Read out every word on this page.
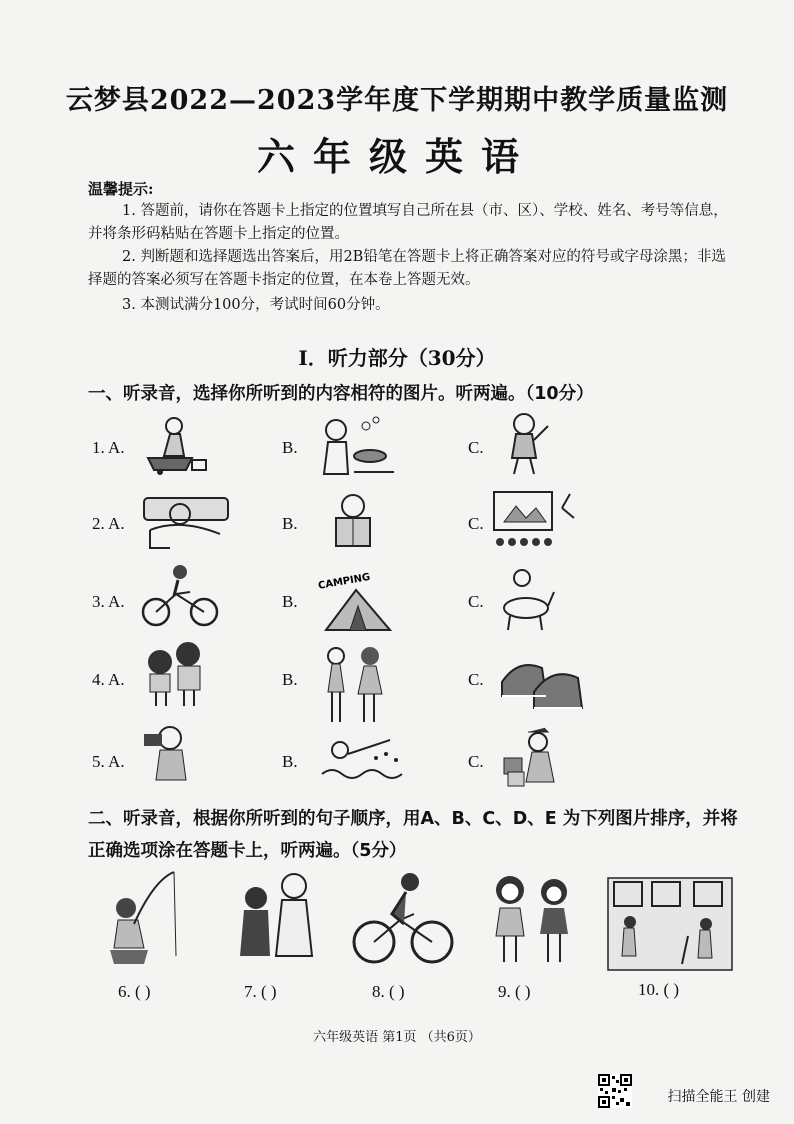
云梦县2022—2023学年度下学期期中教学质量监测
六年级英语
温馨提示:
1. 答题前，请你在答题卡上指定的位置填写自己所在县（市、区）、学校、姓名、考号等信息，并将条形码粘贴在答题卡上指定的位置。
2. 判断题和选择题选出答案后，用2B铅笔在答题卡上将正确答案对应的符号或字母涂黑；非选择题的答案必须写在答题卡指定的位置，在本卷上答题无效。
3. 本测试满分100分，考试时间60分钟。
Ⅰ．听力部分（30分）
一、听录音，选择你所听到的内容相符的图片。听两遍。（10分）
1. A.	B.	C.
2. A.	B.	C.
3. A.	B.	C.
CAMPING
4. A.	B.	C.
5. A.	B.	C.
二、听录音，根据你所听到的句子顺序，用A、B、C、D、E 为下列图片排序，并将正确选项涂在答题卡上，听两遍。（5分）
6. ( )	7. ( )	8. ( )	9. ( )	10. ( )
六年级英语 第1页 （共6页）
扫描全能王 创建
